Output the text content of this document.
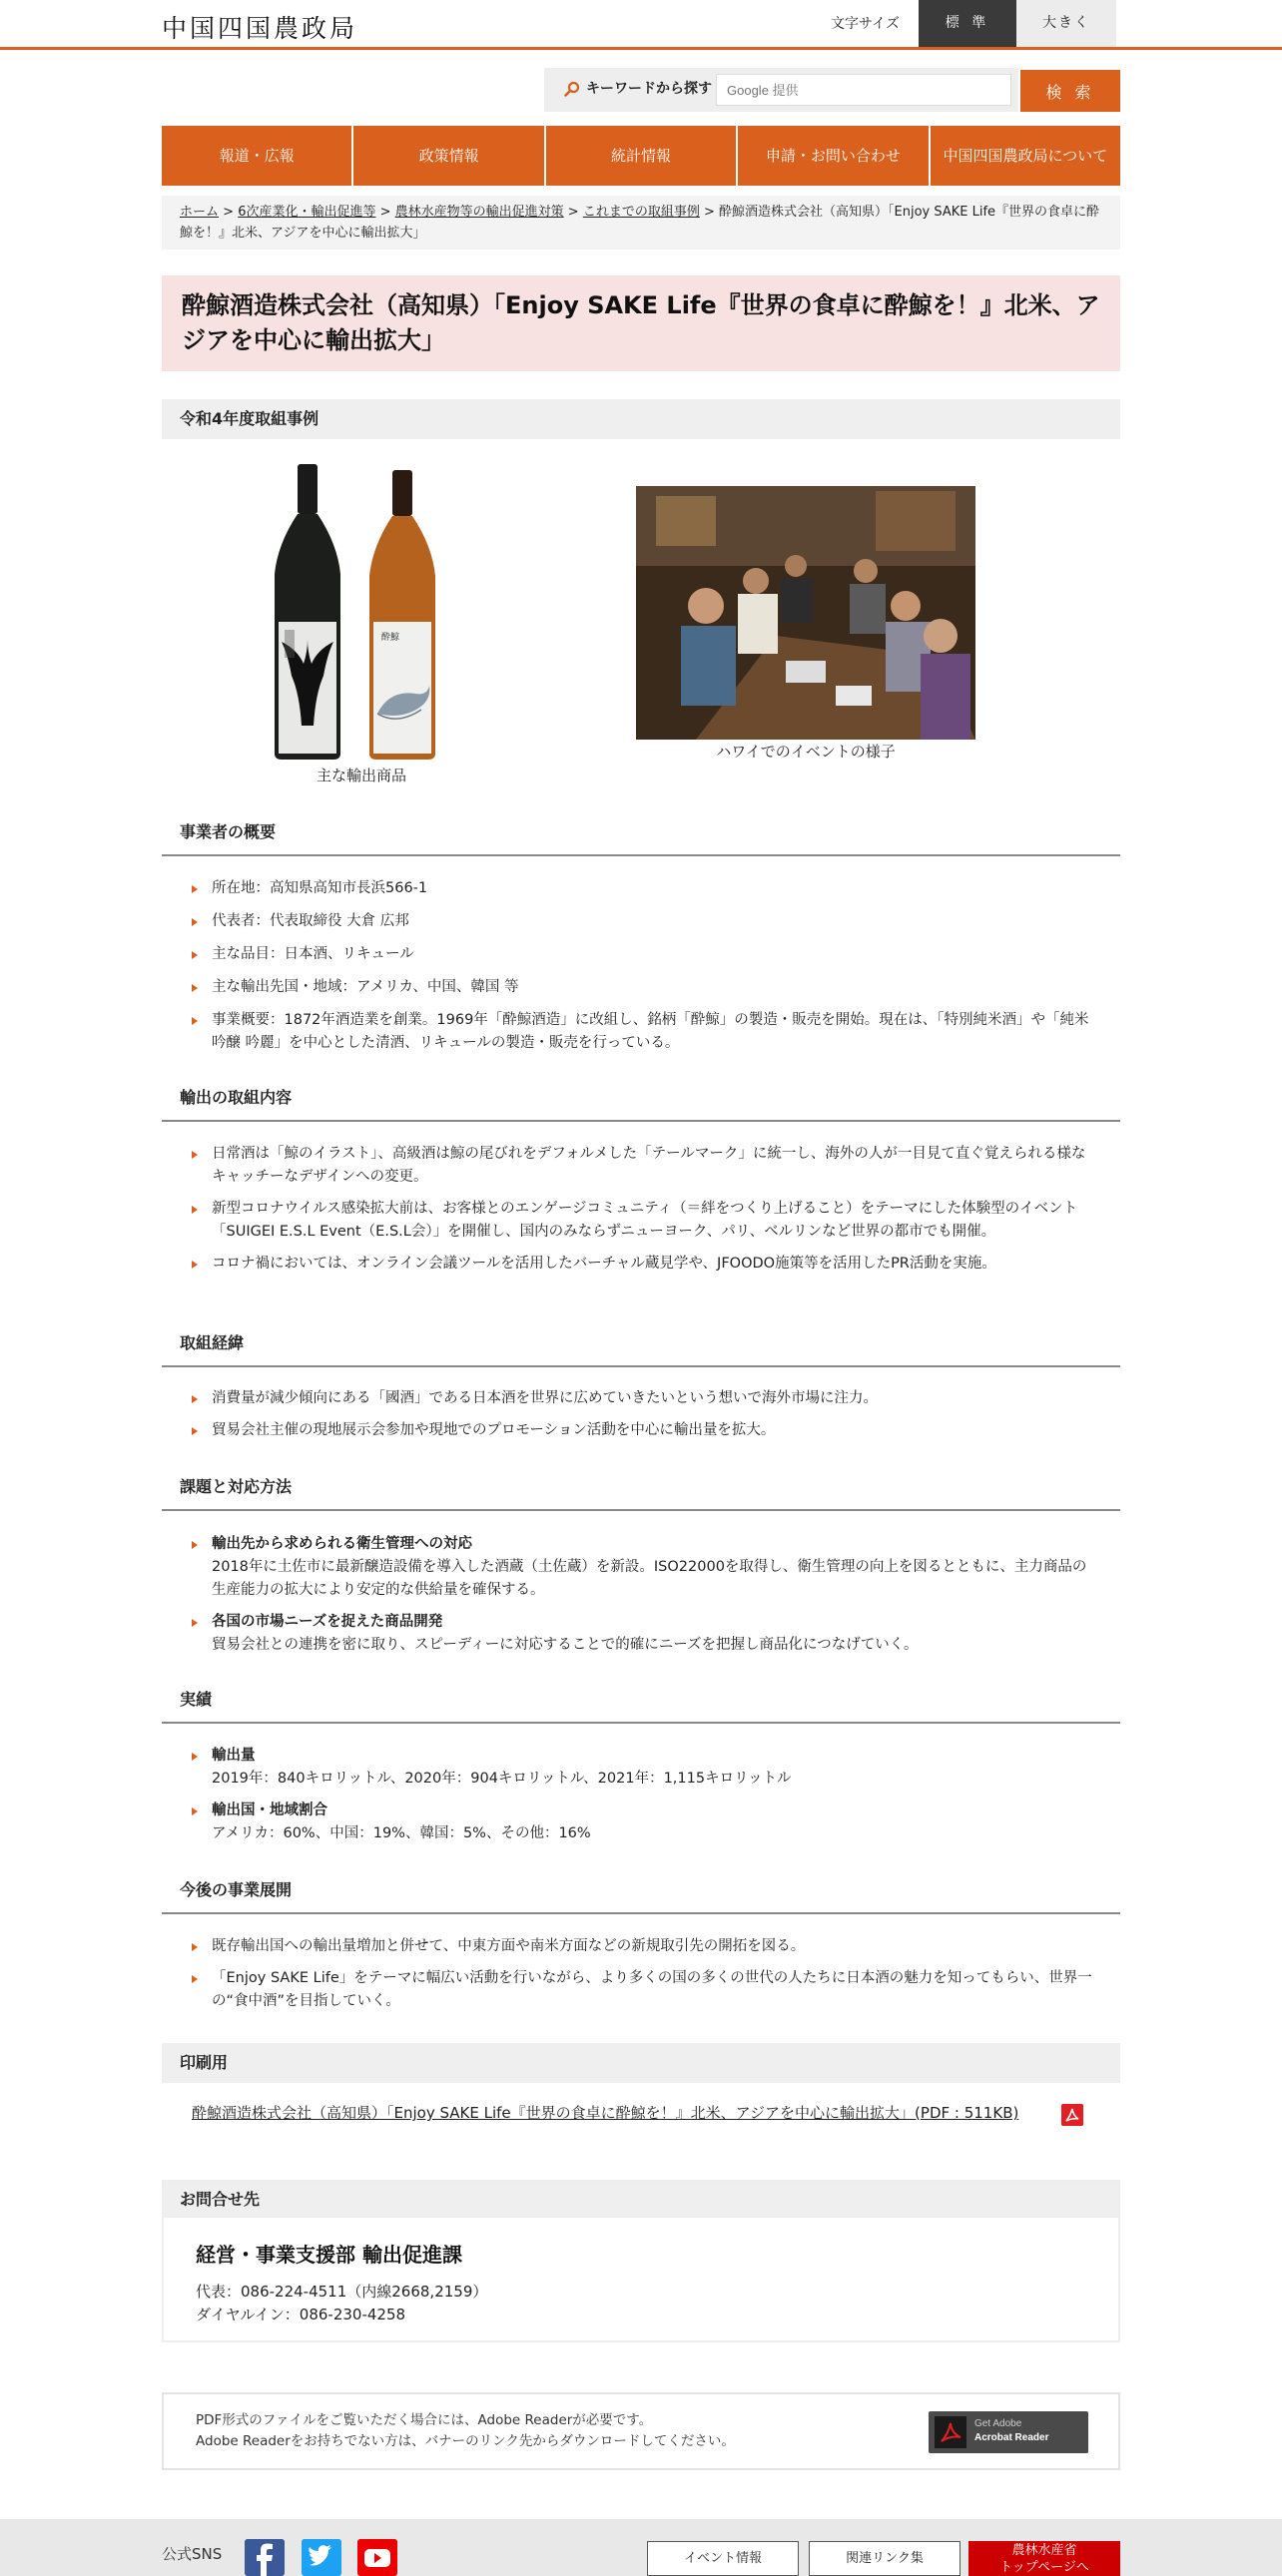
中国四国農政局	文字サイズ	標 準	大きく
キーワードから探す
Google 提供	検 索
報道・広報	政策情報	統計情報	申請・お問い合わせ	中国四国農政局について
ホーム > 6次産業化・輸出促進等 > 農林水産物等の輸出促進対策 > これまでの取組事例 > 酔鯨酒造株式会社（高知県）「Enjoy SAKE Life『世界の食卓に酔鯨を！』北米、アジアを中心に輸出拡大」
酔鯨酒造株式会社（高知県）「Enjoy SAKE Life『世界の食卓に酔鯨を！』北米、アジアを中心に輸出拡大」
令和4年度取組事例
酔鯨
主な輸出商品
ハワイでのイベントの様子
事業者の概要
所在地：高知県高知市長浜566-1
代表者：代表取締役 大倉 広邦
主な品目：日本酒、リキュール
主な輸出先国・地域：アメリカ、中国、韓国 等
事業概要：1872年酒造業を創業。1969年「酔鯨酒造」に改組し、銘柄「酔鯨」の製造・販売を開始。現在は、「特別純米酒」や「純米吟醸 吟麗」を中心とした清酒、リキュールの製造・販売を行っている。
輸出の取組内容
日常酒は「鯨のイラスト」、高級酒は鯨の尾びれをデフォルメした「テールマーク」に統一し、海外の人が一目見て直ぐ覚えられる様なキャッチーなデザインへの変更。
新型コロナウイルス感染拡大前は、お客様とのエンゲージコミュニティ（＝絆をつくり上げること）をテーマにした体験型のイベント「SUIGEI E.S.L Event（E.S.L会）」を開催し、国内のみならずニューヨーク、パリ、ベルリンなど世界の都市でも開催。
コロナ禍においては、オンライン会議ツールを活用したバーチャル蔵見学や、JFOODO施策等を活用したPR活動を実施。
取組経緯
消費量が減少傾向にある「國酒」である日本酒を世界に広めていきたいという想いで海外市場に注力。
貿易会社主催の現地展示会参加や現地でのプロモーション活動を中心に輸出量を拡大。
課題と対応方法
輸出先から求められる衛生管理への対応
2018年に土佐市に最新醸造設備を導入した酒蔵（土佐蔵）を新設。ISO22000を取得し、衛生管理の向上を図るとともに、主力商品の生産能力の拡大により安定的な供給量を確保する。
各国の市場ニーズを捉えた商品開発
貿易会社との連携を密に取り、スピーディーに対応することで的確にニーズを把握し商品化につなげていく。
実績
輸出量
2019年：840キロリットル、2020年：904キロリットル、2021年：1,115キロリットル
輸出国・地域割合
アメリカ：60%、中国：19%、韓国：5%、その他：16%
今後の事業展開
既存輸出国への輸出量増加と併せて、中東方面や南米方面などの新規取引先の開拓を図る。
「Enjoy SAKE Life」をテーマに幅広い活動を行いながら、より多くの国の多くの世代の人たちに日本酒の魅力を知ってもらい、世界一の“食中酒”を目指していく。
印刷用
酔鯨酒造株式会社（高知県）「Enjoy SAKE Life『世界の食卓に酔鯨を！』北米、アジアを中心に輸出拡大」(PDF : 511KB)
お問合せ先
経営・事業支援部 輸出促進課
代表：086-224-4511（内線2668,2159）
ダイヤルイン：086-230-4258
PDF形式のファイルをご覧いただく場合には、Adobe Readerが必要です。
Adobe Readerをお持ちでない方は、バナーのリンク先からダウンロードしてください。
Get Adobe
Acrobat Reader
公式SNS	イベント情報	関連リンク集
農林水産省
トップページへ
